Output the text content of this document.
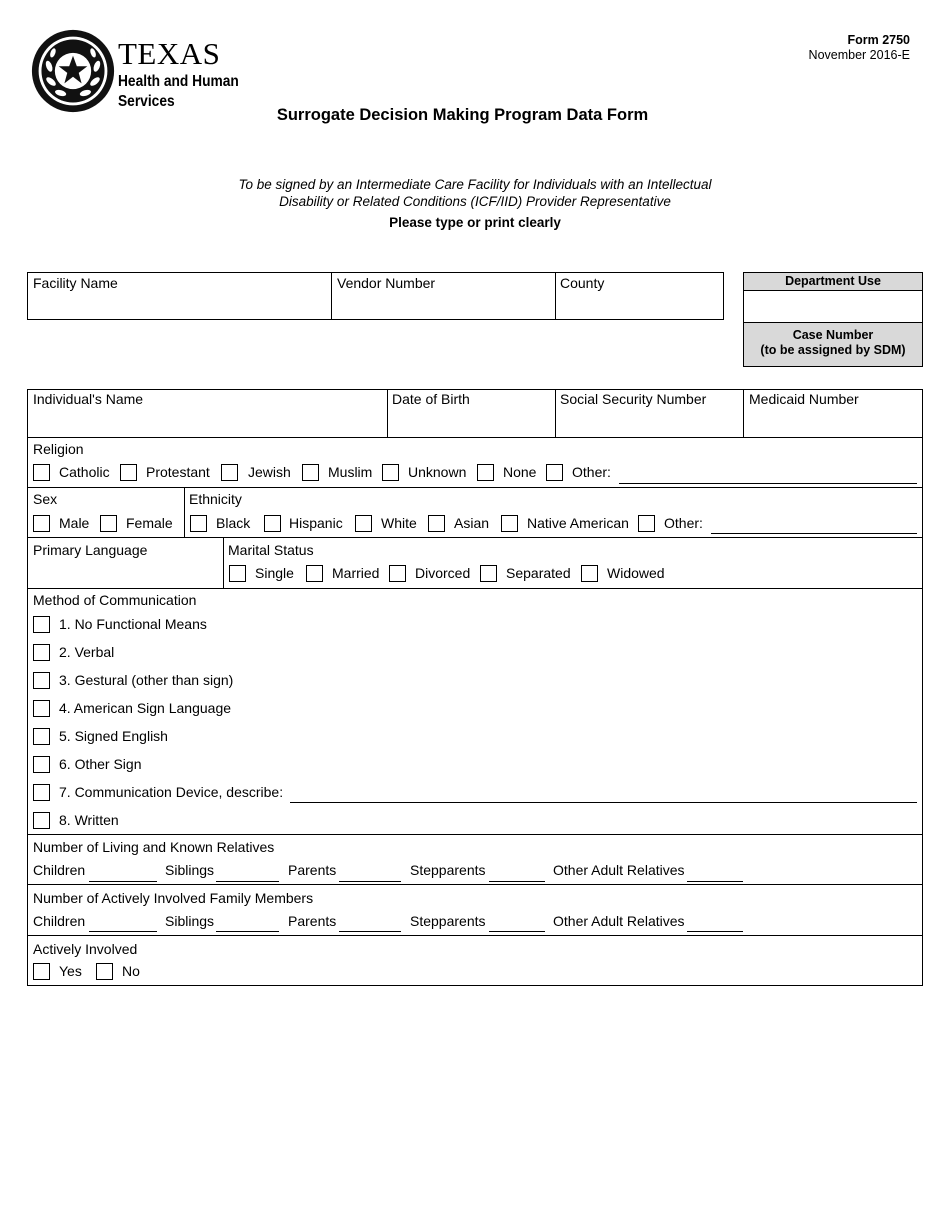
TEXAS
Health and Human
Services
Form 2750
November 2016-E
Surrogate Decision Making Program Data Form
To be signed by an Intermediate Care Facility for Individuals with an Intellectual
Disability or Related Conditions (ICF/IID) Provider Representative
Please type or print clearly
Facility Name	Vendor Number	County	Department Use
Case Number
(to be assigned by SDM)
Individual's Name	Date of Birth	Social Security Number	Medicaid Number
Religion
Catholic	Protestant	Jewish	Muslim	Unknown	None	Other:
Sex
Male	Female
Ethnicity
Black	Hispanic	White	Asian	Native American	Other:
Primary Language	Marital Status
Single	Married	Divorced	Separated	Widowed
Method of Communication
1. No Functional Means
2. Verbal
3. Gestural (other than sign)
4. American Sign Language
5. Signed English
6. Other Sign
7. Communication Device, describe:
8. Written
Number of Living and Known Relatives
Children	Siblings	Parents	Stepparents	Other Adult Relatives
Number of Actively Involved Family Members
Children	Siblings	Parents	Stepparents	Other Adult Relatives
Actively Involved
Yes	No
